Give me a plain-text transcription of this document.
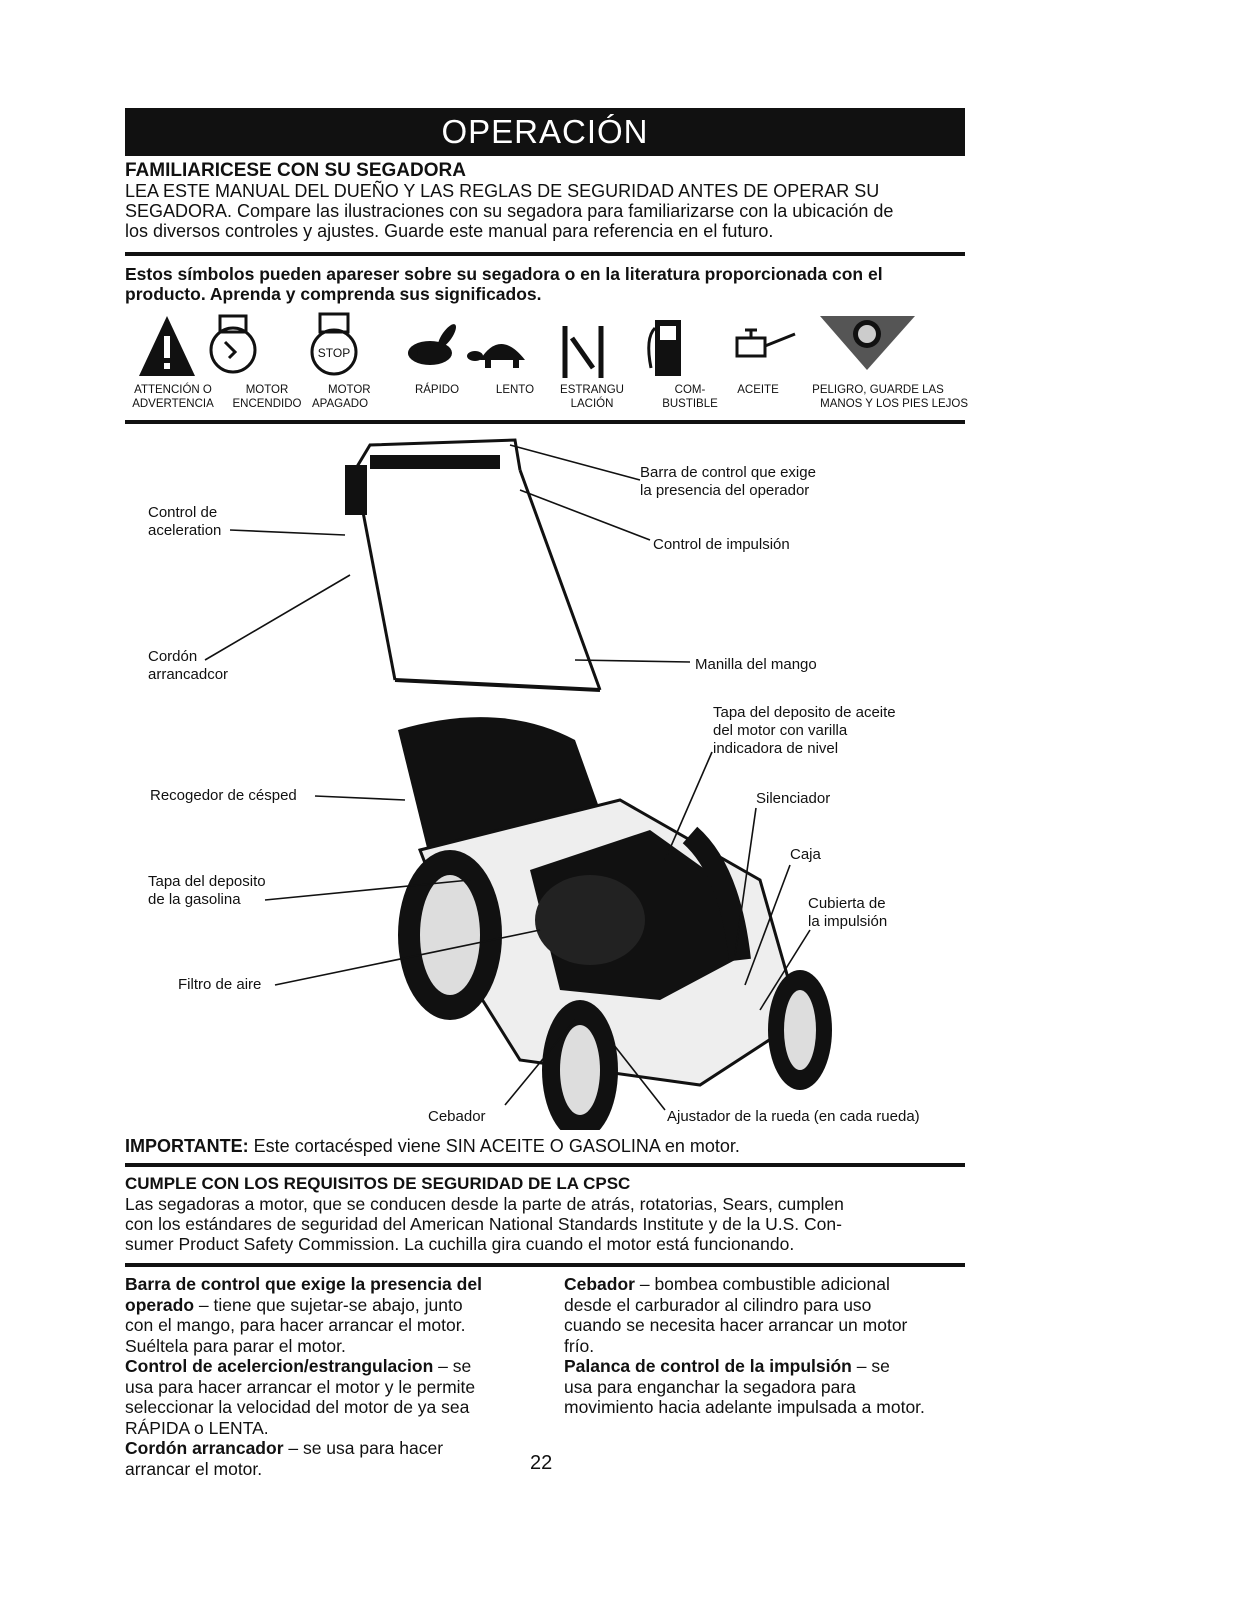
OPERACIÓN
FAMILIARICESE CON SU SEGADORA
LEA ESTE MANUAL DEL DUEÑO Y LAS REGLAS DE SEGURIDAD ANTES DE OPERAR SU
SEGADORA. Compare las ilustraciones con su segadora para familiarizarse con la ubicación de
los diversos controles y ajustes. Guarde este manual para referencia en el futuro.
Estos símbolos pueden apareser sobre su segadora o en la literatura proporcionada con el
producto. Aprenda y comprenda sus significados.
STOP
ATTENCIÓN O
ADVERTENCIA
MOTOR
ENCENDIDO
MOTOR
APAGADO
RÁPIDO	LENTO	ESTRANGU
LACIÓN
COM-
BUSTIBLE
ACEITE	PELIGRO, GUARDE LAS
MANOS Y LOS PIES LEJOS
Barra de control que exige
la presencia del operador
Control de impulsión
Control de
aceleration
Cordón
arrancadcor
Manilla del mango
Tapa del deposito de aceite
del motor con varilla
indicadora de nivel
Recogedor de césped	Silenciador
Caja
Cubierta de
la impulsión
Tapa del deposito
de la gasolina
Filtro de aire
Cebador	Ajustador de la rueda (en cada rueda)
IMPORTANTE: Este cortacésped viene SIN ACEITE O GASOLINA en motor.
CUMPLE CON LOS REQUISITOS DE SEGURIDAD DE LA CPSC
Las segadoras a motor, que se conducen desde la parte de atrás, rotatorias, Sears, cumplen
con los estándares de seguridad del American National Standards Institute y de la U.S. Con-
sumer Product Safety Commission. La cuchilla gira cuando el motor está funcionando.
Barra de control que exige la presencia del
operado – tiene que sujetar-se abajo, junto
con el mango, para hacer arrancar el motor.
Suéltela para parar el motor.
Control de acelercion/estrangulacion – se
usa para hacer arrancar el motor y le permite
seleccionar la velocidad del motor de ya sea
RÁPIDA o LENTA.
Cordón arrancador – se usa para hacer
arrancar el motor.
Cebador – bombea combustible adicional
desde el carburador al cilindro para uso
cuando se necesita hacer arrancar un motor
frío.
Palanca de control de la impulsión – se
usa para enganchar la segadora para
movimiento hacia adelante impulsada a motor.
22
